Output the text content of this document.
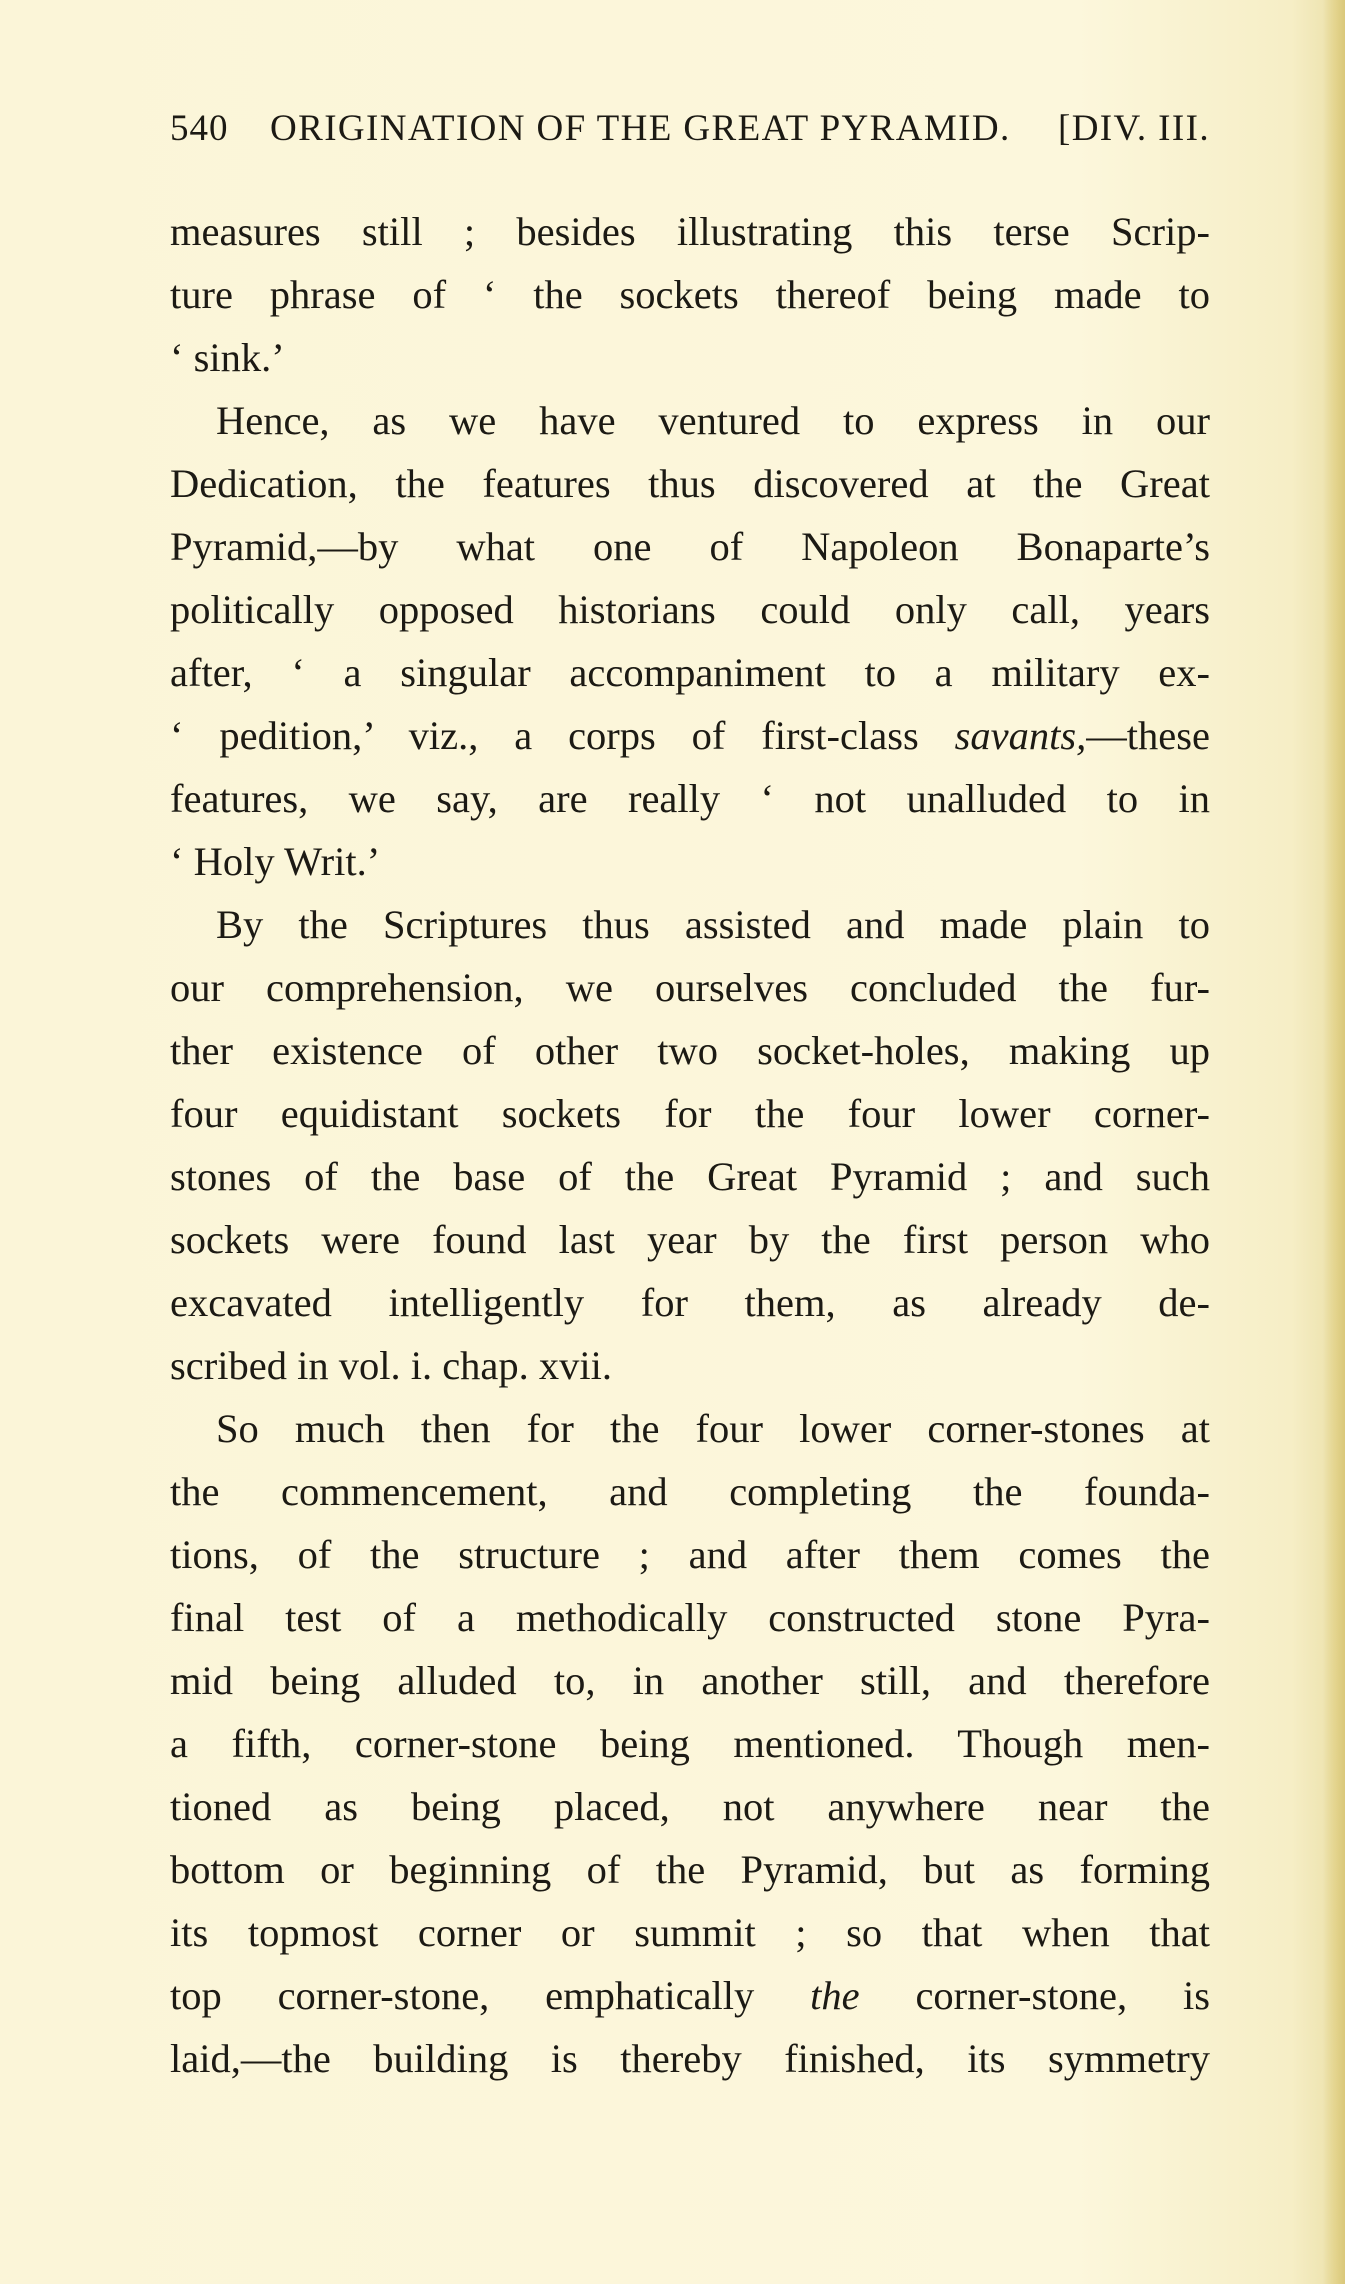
540 ORIGINATION OF THE GREAT PYRAMID. [DIV. III.
measures still ; besides illustrating this terse Scrip-
ture phrase of ‘ the sockets thereof being made to
‘ sink.’
Hence, as we have ventured to express in our
Dedication, the features thus discovered at the Great
Pyramid,—by what one of Napoleon Bonaparte’s
politically opposed historians could only call, years
after, ‘ a singular accompaniment to a military ex-
‘ pedition,’ viz., a corps of first-class savants,—these
features, we say, are really ‘ not unalluded to in
‘ Holy Writ.’
By the Scriptures thus assisted and made plain to
our comprehension, we ourselves concluded the fur-
ther existence of other two socket-holes, making up
four equidistant sockets for the four lower corner-
stones of the base of the Great Pyramid ; and such
sockets were found last year by the first person who
excavated intelligently for them, as already de-
scribed in vol. i. chap. xvii.
So much then for the four lower corner-stones at
the commencement, and completing the founda-
tions, of the structure ; and after them comes the
final test of a methodically constructed stone Pyra-
mid being alluded to, in another still, and therefore
a fifth, corner-stone being mentioned. Though men-
tioned as being placed, not anywhere near the
bottom or beginning of the Pyramid, but as forming
its topmost corner or summit ; so that when that
top corner-stone, emphatically the corner-stone, is
laid,—the building is thereby finished, its symmetry
